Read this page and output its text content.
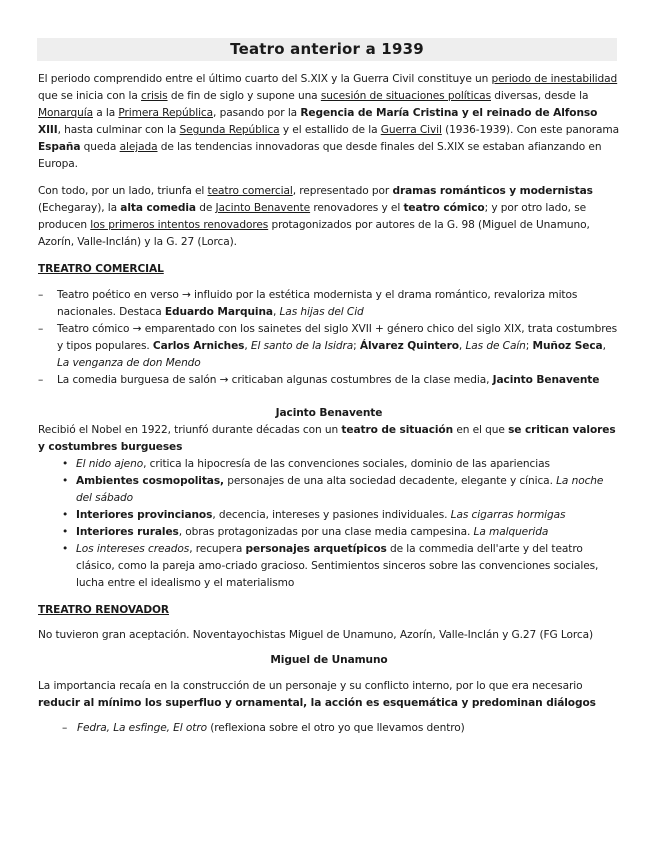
Teatro anterior a 1939
El periodo comprendido entre el último cuarto del S.XIX y la Guerra Civil constituye un periodo de inestabilidad que se inicia con la crisis de fin de siglo y supone una sucesión de situaciones políticas diversas, desde la Monarquía a la Primera República, pasando por la Regencia de María Cristina y el reinado de Alfonso XIII, hasta culminar con la Segunda República y el estallido de la Guerra Civil (1936-1939). Con este panorama España queda alejada de las tendencias innovadoras que desde finales del S.XIX se estaban afianzando en Europa.
Con todo, por un lado, triunfa el teatro comercial, representado por dramas románticos y modernistas (Echegaray), la alta comedia de Jacinto Benavente renovadores y el teatro cómico; y por otro lado, se producen los primeros intentos renovadores protagonizados por autores de la G. 98 (Miguel de Unamuno, Azorín, Valle-Inclán) y la G. 27 (Lorca).
TREATRO COMERCIAL
–	Teatro poético en verso → influido por la estética modernista y el drama romántico, revaloriza mitos nacionales. Destaca Eduardo Marquina, Las hijas del Cid
–	Teatro cómico → emparentado con los sainetes del siglo XVII + género chico del siglo XIX, trata costumbres y tipos populares. Carlos Arniches, El santo de la Isidra; Álvarez Quintero, Las de Caín; Muñoz Seca, La venganza de don Mendo
–	La comedia burguesa de salón → criticaban algunas costumbres de la clase media, Jacinto Benavente
Jacinto Benavente
Recibió el Nobel en 1922, triunfó durante décadas con un teatro de situación en el que se critican valores y costumbres burgueses
• El nido ajeno, critica la hipocresía de las convenciones sociales, dominio de las apariencias
• Ambientes cosmopolitas, personajes de una alta sociedad decadente, elegante y cínica. La noche del sábado
• Interiores provincianos, decencia, intereses y pasiones individuales. Las cigarras hormigas
• Interiores rurales, obras protagonizadas por una clase media campesina. La malquerida
• Los intereses creados, recupera personajes arquetípicos de la commedia dell'arte y del teatro clásico, como la pareja amo-criado gracioso. Sentimientos sinceros sobre las convenciones sociales, lucha entre el idealismo y el materialismo
TREATRO RENOVADOR
No tuvieron gran aceptación. Noventayochistas Miguel de Unamuno, Azorín, Valle-Inclán y G.27 (FG Lorca)
Miguel de Unamuno
La importancia recaía en la construcción de un personaje y su conflicto interno, por lo que era necesario reducir al mínimo los superfluo y ornamental, la acción es esquemática y predominan diálogos
– Fedra, La esfinge, El otro (reflexiona sobre el otro yo que llevamos dentro)
